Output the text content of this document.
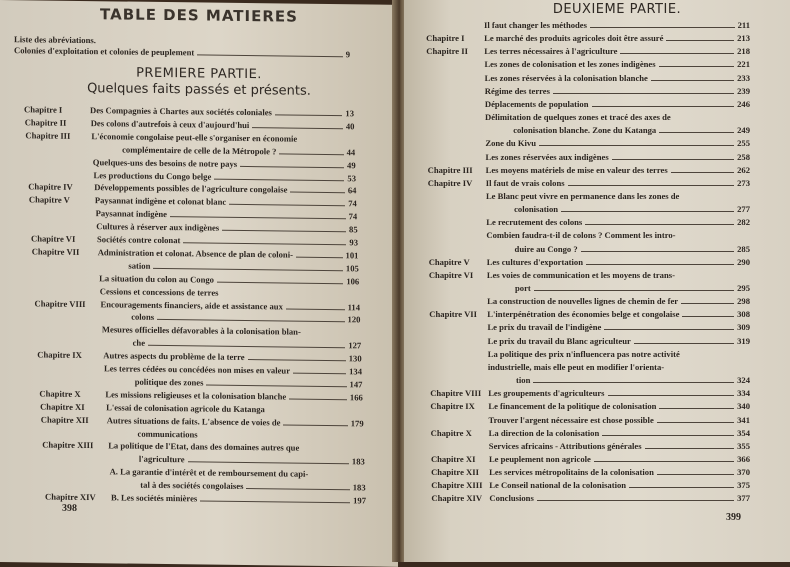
TABLE DES MATIERES
PREMIERE PARTIE.
Quelques faits passés et présents.
398
Liste des abréviations.
Colonies d'exploitation et colonies de peuplement	9
Chapitre I	Des Compagnies à Chartes aux sociétés coloniales	13
Chapitre II	Des colons d'autrefois à ceux d'aujourd'hui	40
Chapitre III	L'économie congolaise peut-elle s'organiser en économie
complémentaire de celle de la Métropole ?	44
Quelques-uns des besoins de notre pays	49
Les productions du Congo belge	53
Chapitre IV	Développements possibles de l'agriculture congolaise	64
Chapitre V	Paysannat indigène et colonat blanc	74
Paysannat indigène	74
Cultures à réserver aux indigènes	85
Chapitre VI	Sociétés contre colonat	93
Chapitre VII	Administration et colonat. Absence de plan de coloni-	101
sation	105
La situation du colon au Congo	106
Cessions et concessions de terres
Chapitre VIII	Encouragements financiers, aide et assistance aux	114
colons	120
Mesures officielles défavorables à la colonisation blan-
che	127
Chapitre IX	Autres aspects du problème de la terre	130
Les terres cédées ou concédées non mises en valeur	134
politique des zones	147
Chapitre X	Les missions religieuses et la colonisation blanche	166
Chapitre XI	L'essai de colonisation agricole du Katanga
Chapitre XII	Autres situations de faits. L'absence de voies de	179
communications
Chapitre XIII	La politique de l'Etat, dans des domaines autres que
l'agriculture	183
A. La garantie d'intérêt et de remboursement du capi-
tal à des sociétés congolaises	183
Chapitre XIV	B. Les sociétés minières	197
DEUXIEME PARTIE.
399
Il faut changer les méthodes	211
Chapitre I	Le marché des produits agricoles doit être assuré	213
Chapitre II	Les terres nécessaires à l'agriculture	218
Les zones de colonisation et les zones indigènes	221
Les zones réservées à la colonisation blanche	233
Régime des terres	239
Déplacements de population	246
Délimitation de quelques zones et tracé des axes de
colonisation blanche. Zone du Katanga	249
Zone du Kivu	255
Les zones réservées aux indigènes	258
Chapitre III	Les moyens matériels de mise en valeur des terres	262
Chapitre IV	Il faut de vrais colons	273
Le Blanc peut vivre en permanence dans les zones de
colonisation	277
Le recrutement des colons	282
Combien faudra-t-il de colons ? Comment les intro-
duire au Congo ?	285
Chapitre V	Les cultures d'exportation	290
Chapitre VI	Les voies de communication et les moyens de trans-
port	295
La construction de nouvelles lignes de chemin de fer	298
Chapitre VII	L'interpénétration des économies belge et congolaise	308
Le prix du travail de l'indigène	309
Le prix du travail du Blanc agriculteur	319
La politique des prix n'influencera pas notre activité
industrielle, mais elle peut en modifier l'orienta-
tion	324
Chapitre VIII Les groupements d'agriculteurs	334
Chapitre IX	Le financement de la politique de colonisation	340
Trouver l'argent nécessaire est chose possible	341
Chapitre X	La direction de la colonisation	354
Services africains - Attributions générales	355
Chapitre XI	Le peuplement non agricole	366
Chapitre XII	Les services métropolitains de la colonisation	370
Chapitre XIII Le Conseil national de la colonisation	375
Chapitre XIV Conclusions	377
